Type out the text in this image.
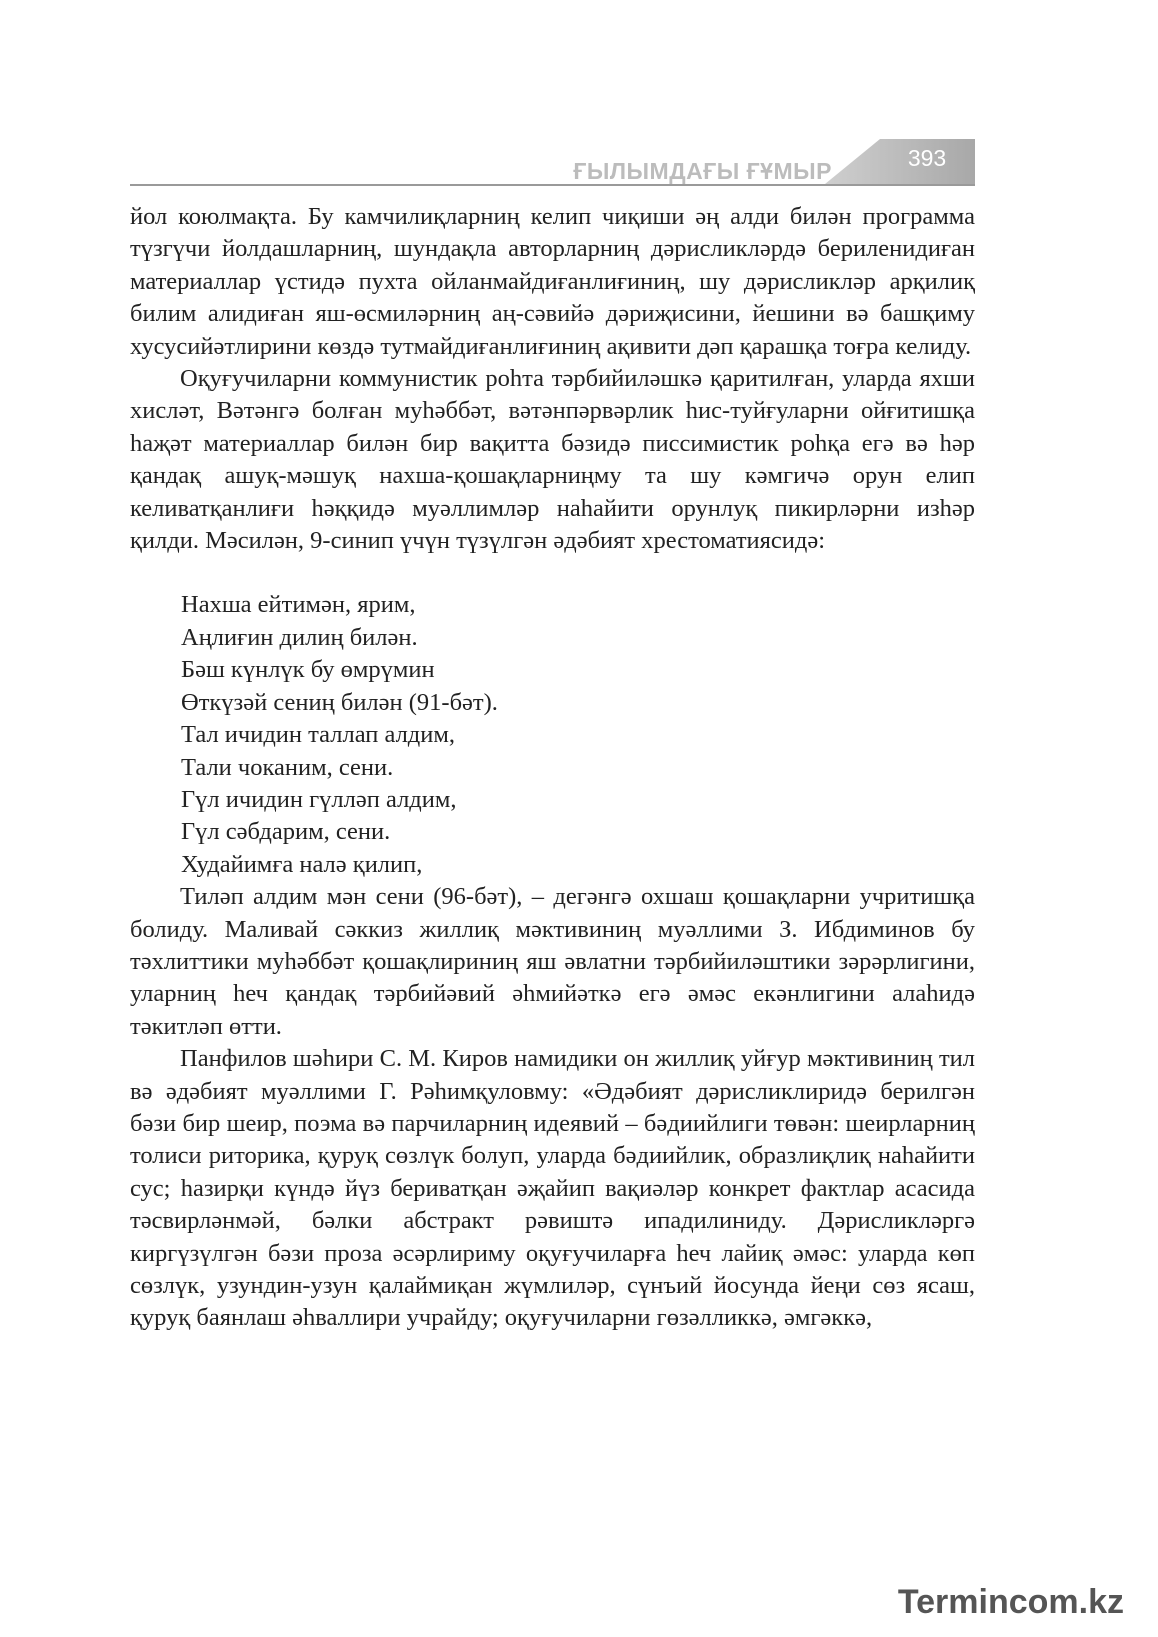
ҒЫЛЫМДАҒЫ ҒҰМЫР	393

йол коюлмақта. Бу камчилиқларниң келип чиқиши әң алди билән программа түзгүчи йолдашларниң, шундақла авторларниң дәрисликләрдә бериленидиған материаллар үстидә пухта ойланмайдиғанлиғиниң, шу дәрисликләр арқилиқ билим алидиған яш-өсмиләрниң аң-сәвийә дәриҗисини, йешини вә башқиму хусусийәтлирини көздә тутмайдиғанлиғиниң ақивити дәп қарашқа тоғра келиду.

Оқуғучиларни коммунистик роһта тәрбийиләшкә қаритилған, уларда яхши хисләт, Вәтәнгә болған муһәббәт, вәтәнпәрвәрлик һис-туйғуларни ойғитишқа һаҗәт материаллар билән бир вақитта бәзидә писсимистик роһқа егә вә һәр қандақ ашуқ-мәшуқ нахша-қошақларниңму та шу кәмгичә орун елип келиватқанлиғи һәққидә муәллимләр наһайити орунлуқ пикирләрни изһәр қилди. Мәсилән, 9-синип үчүн түзүлгән әдәбият хрестоматиясидә:

Нахша ейтимән, ярим,
Аңлиғин дилиң билән.
Бәш күнлүк бу өмрүмин
Өткүзәй сениң билән (91-бәт).
Тал ичидин таллап алдим,
Тали чоканим, сени.
Гүл ичидин гүлләп алдим,
Гүл сәбдарим, сени.
Худайимға налә қилип,

Тиләп алдим мән сени (96-бәт), – дегәнгә охшаш қошақларни учритишқа болиду. Маливай сәккиз жиллиқ мәктивиниң муәллими З. Ибдиминов бу тәхлиттики муһәббәт қошақлириниң яш әвлатни тәрбийиләштики зәрәрлигини, уларниң һеч қандақ тәрбийәвий әһмийәткә егә әмәс екәнлигини алаһидә тәкитләп өтти.

Панфилов шәһири С. М. Киров намидики он жиллиқ уйғур мәктивиниң тил вә әдәбият муәллими Г. Рәһимқуловму: «Әдәбият дәрисликлиридә берилгән бәзи бир шеир, поэма вә парчиларниң идеявий – бәдиийлиги төвән: шеирларниң толиси риторика, қуруқ сөзлүк болуп, уларда бәдиийлик, образлиқлиқ наһайити сус; һазирқи күндә йүз бериватқан әҗайип вақиәләр конкрет фактлар асасида тәсвирләнмәй, бәлки абстракт рәвиштә ипадилиниду. Дәрисликләргә киргүзүлгән бәзи проза әсәрлириму оқуғучиларға һеч лайиқ әмәс: уларда көп сөзлүк, узундин-узун қалаймиқан жүмлиләр, сүнъий йосунда йеңи сөз ясаш, қуруқ баянлаш әһваллири учрайду; оқуғучиларни гөзәлликкә, әмгәккә,

Termincom.kz
